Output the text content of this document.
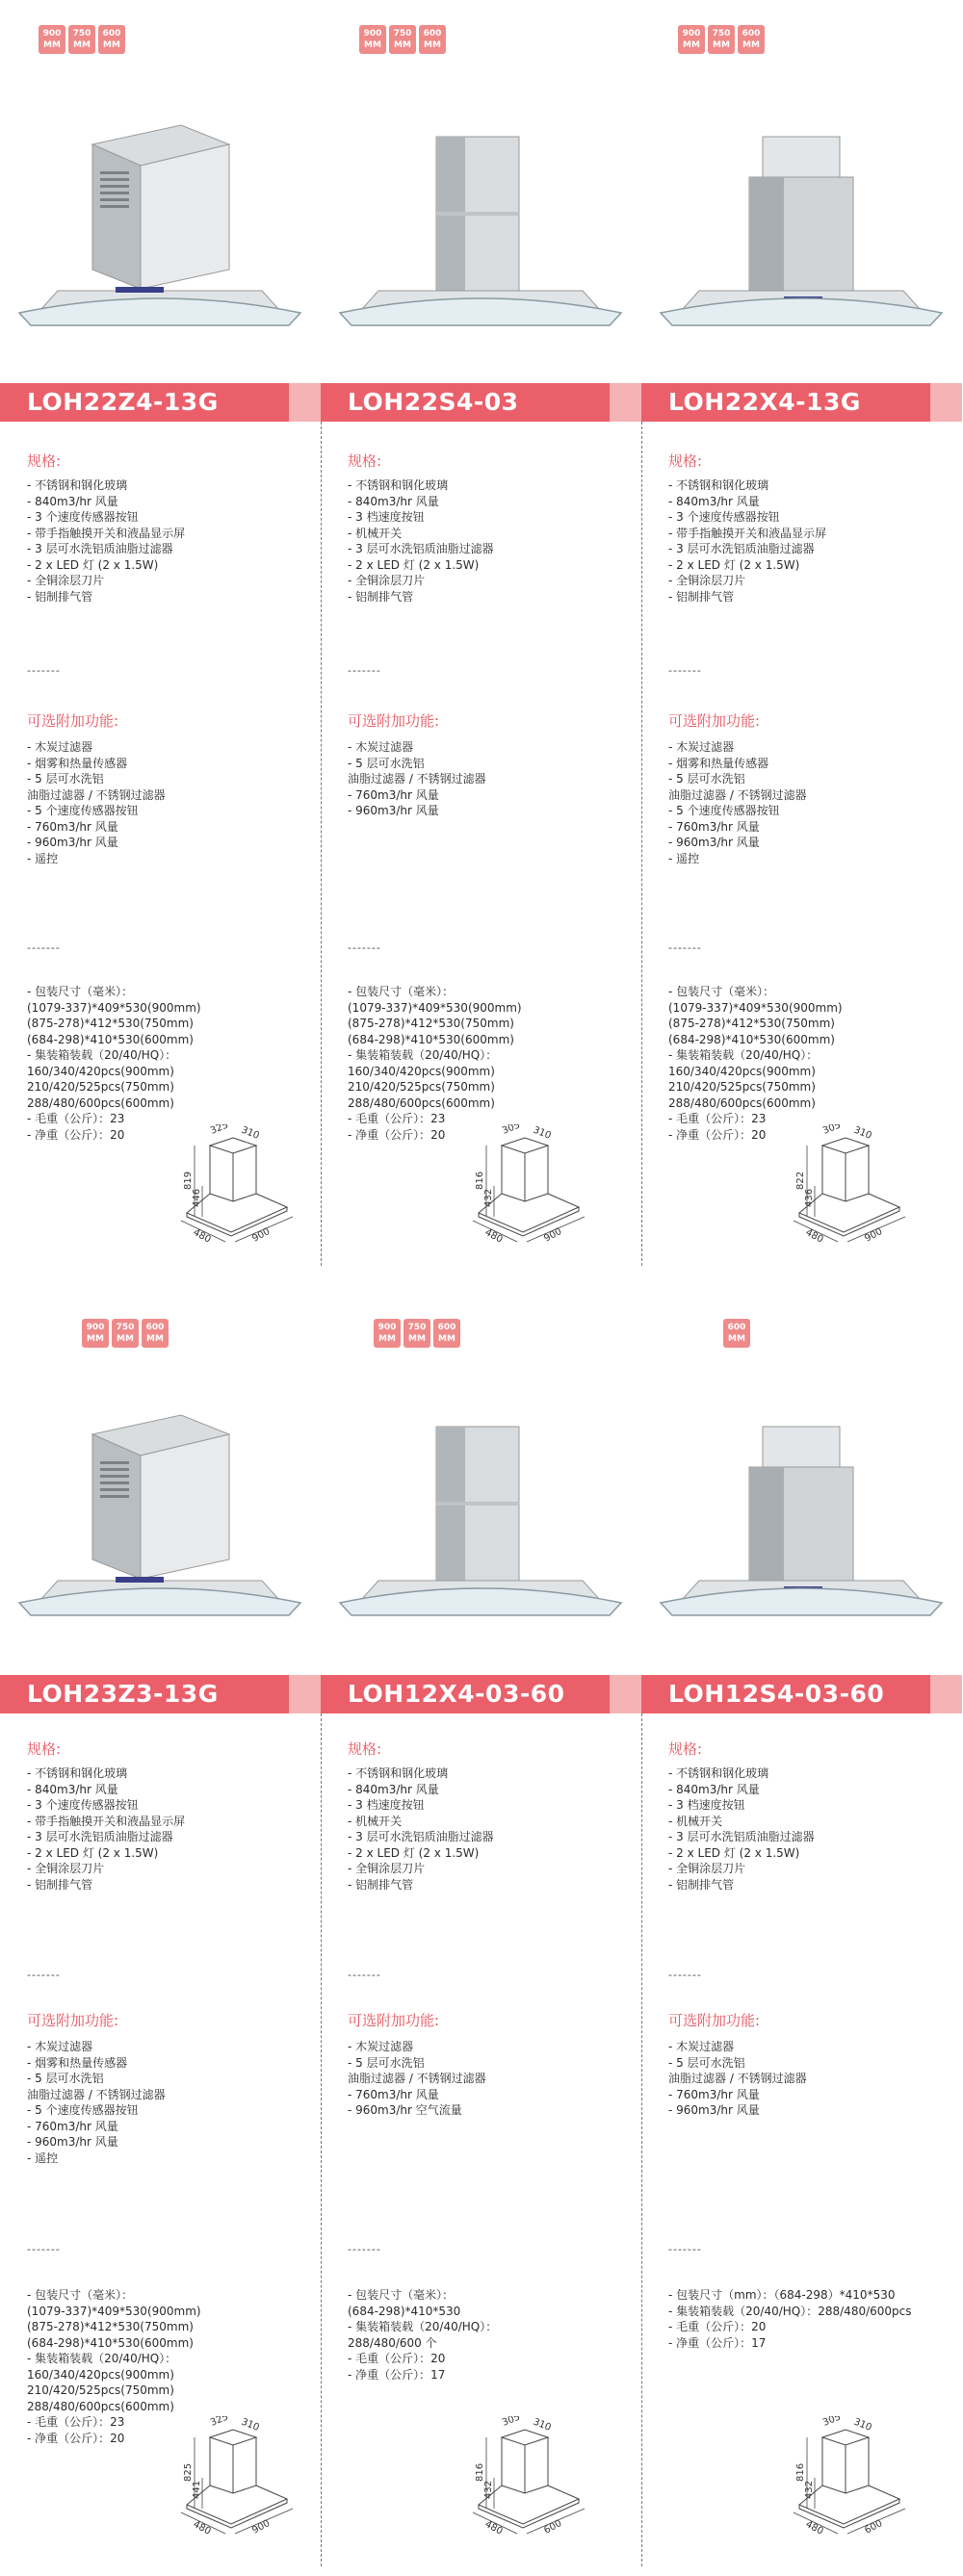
900
MM
750
MM
600
MM
LOH22Z4-13G
规格:
- 不锈钢和钢化玻璃
- 840m3/hr 风量
- 3 个速度传感器按钮
- 带手指触摸开关和液晶显示屏
- 3 层可水洗铝质油脂过滤器
- 2 x LED 灯 (2 x 1.5W)
- 全铜涂层刀片
- 铝制排气管
-------
可选附加功能:
- 木炭过滤器
- 烟雾和热量传感器
- 5 层可水洗铝
油脂过滤器 / 不锈钢过滤器
- 5 个速度传感器按钮
- 760m3/hr 风量
- 960m3/hr 风量
- 遥控
-------
- 包装尺寸（毫米）：
(1079-337)*409*530(900mm)
(875-278)*412*530(750mm)
(684-298)*410*530(600mm)
- 集装箱装载（20/40/HQ）：
160/340/420pcs(900mm)
210/420/525pcs(750mm)
288/480/600pcs(600mm)
- 毛重（公斤）：23
- 净重（公斤）：20	325 310
819
446
480	900
900
MM
750
MM
600
MM
LOH22S4-03
规格:
- 不锈钢和钢化玻璃
- 840m3/hr 风量
- 3 档速度按钮
- 机械开关
- 3 层可水洗铝质油脂过滤器
- 2 x LED 灯 (2 x 1.5W)
- 全铜涂层刀片
- 铝制排气管
-------
可选附加功能:
- 木炭过滤器
- 5 层可水洗铝
油脂过滤器 / 不锈钢过滤器
- 760m3/hr 风量
- 960m3/hr 风量
-------
- 包装尺寸（毫米）：
(1079-337)*409*530(900mm)
(875-278)*412*530(750mm)
(684-298)*410*530(600mm)
- 集装箱装载（20/40/HQ）：
160/340/420pcs(900mm)
210/420/525pcs(750mm)
288/480/600pcs(600mm)
- 毛重（公斤）：23
- 净重（公斤）：20	305 310
816
432
480	900
900
MM
750
MM
600
MM
LOH22X4-13G
规格:
- 不锈钢和钢化玻璃
- 840m3/hr 风量
- 3 个速度传感器按钮
- 带手指触摸开关和液晶显示屏
- 3 层可水洗铝质油脂过滤器
- 2 x LED 灯 (2 x 1.5W)
- 全铜涂层刀片
- 铝制排气管
-------
可选附加功能:
- 木炭过滤器
- 烟雾和热量传感器
- 5 层可水洗铝
油脂过滤器 / 不锈钢过滤器
- 5 个速度传感器按钮
- 760m3/hr 风量
- 960m3/hr 风量
- 遥控
-------
- 包装尺寸（毫米）：
(1079-337)*409*530(900mm)
(875-278)*412*530(750mm)
(684-298)*410*530(600mm)
- 集装箱装载（20/40/HQ）：
160/340/420pcs(900mm)
210/420/525pcs(750mm)
288/480/600pcs(600mm)
- 毛重（公斤）：23
- 净重（公斤）：20	305 310
822
436
480	900
900
MM
750
MM
600
MM
LOH23Z3-13G
规格:
- 不锈钢和钢化玻璃
- 840m3/hr 风量
- 3 个速度传感器按钮
- 带手指触摸开关和液晶显示屏
- 3 层可水洗铝质油脂过滤器
- 2 x LED 灯 (2 x 1.5W)
- 全铜涂层刀片
- 铝制排气管
-------
可选附加功能:
- 木炭过滤器
- 烟雾和热量传感器
- 5 层可水洗铝
油脂过滤器 / 不锈钢过滤器
- 5 个速度传感器按钮
- 760m3/hr 风量
- 960m3/hr 风量
- 遥控
-------
- 包装尺寸（毫米）：
(1079-337)*409*530(900mm)
(875-278)*412*530(750mm)
(684-298)*410*530(600mm)
- 集装箱装载（20/40/HQ）：
160/340/420pcs(900mm)
210/420/525pcs(750mm)
288/480/600pcs(600mm)
- 毛重（公斤）：23
- 净重（公斤）：20
325 310
825
441
480	900
900
MM
750
MM
600
MM
LOH12X4-03-60
规格:
- 不锈钢和钢化玻璃
- 840m3/hr 风量
- 3 档速度按钮
- 机械开关
- 3 层可水洗铝质油脂过滤器
- 2 x LED 灯 (2 x 1.5W)
- 全铜涂层刀片
- 铝制排气管
-------
可选附加功能:
- 木炭过滤器
- 5 层可水洗铝
油脂过滤器 / 不锈钢过滤器
- 760m3/hr 风量
- 960m3/hr 空气流量
-------
- 包装尺寸（毫米）：
(684-298)*410*530
- 集装箱装载（20/40/HQ）：
288/480/600 个
- 毛重（公斤）：20
- 净重（公斤）：17
305 310
816
432
480	600
600
MM
LOH12S4-03-60
规格:
- 不锈钢和钢化玻璃
- 840m3/hr 风量
- 3 档速度按钮
- 机械开关
- 3 层可水洗铝质油脂过滤器
- 2 x LED 灯 (2 x 1.5W)
- 全铜涂层刀片
- 铝制排气管
-------
可选附加功能:
- 木炭过滤器
- 5 层可水洗铝
油脂过滤器 / 不锈钢过滤器
- 760m3/hr 风量
- 960m3/hr 风量
-------
- 包装尺寸（mm）：（684-298）*410*530
- 集装箱装载（20/40/HQ）：288/480/600pcs
- 毛重（公斤）：20
- 净重（公斤）：17
305 310
816
432
480	600
